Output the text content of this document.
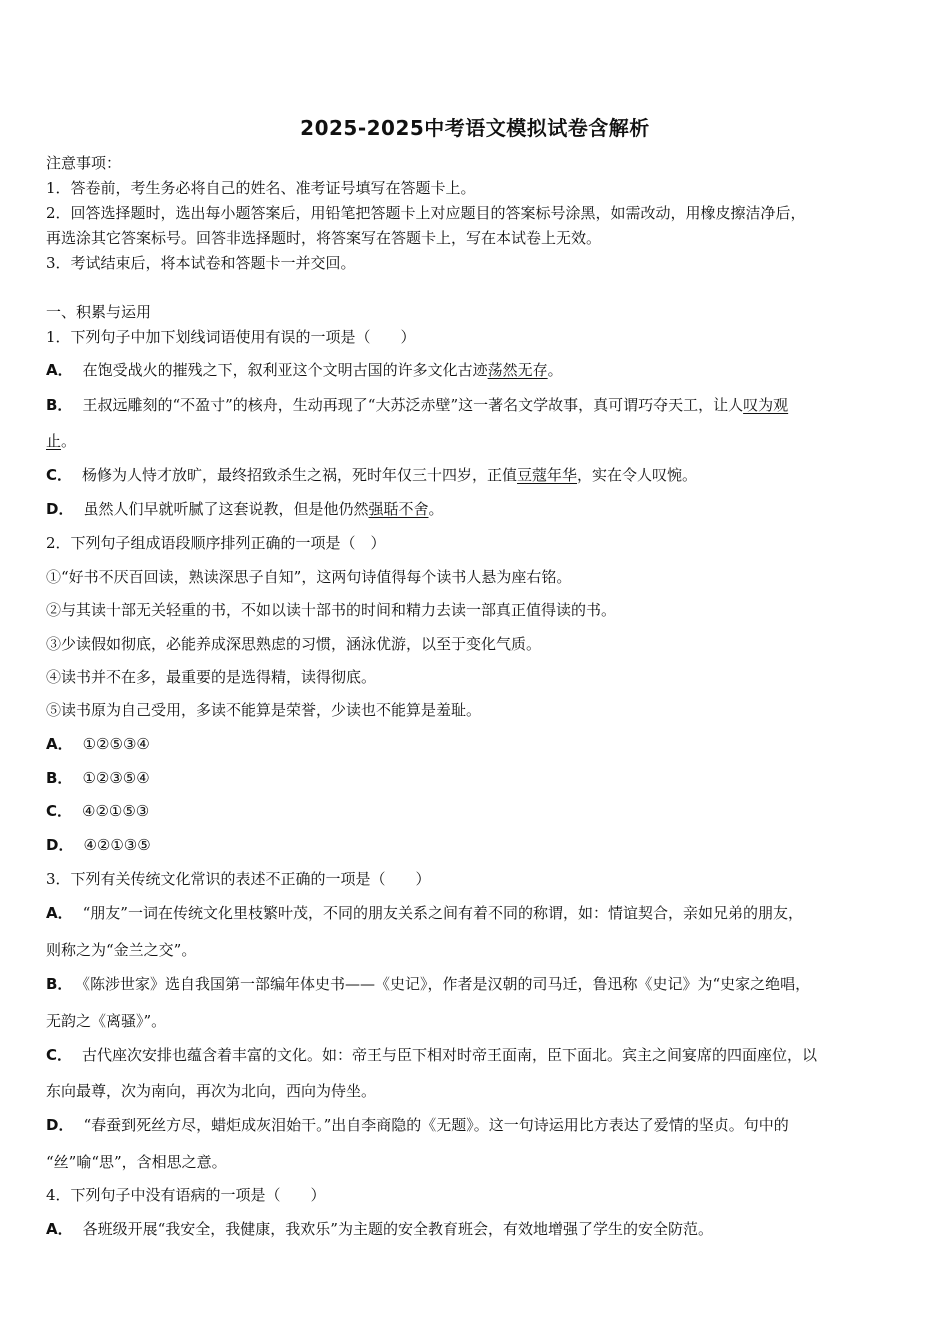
2025-2025中考语文模拟试卷含解析
注意事项：
1．答卷前，考生务必将自己的姓名、准考证号填写在答题卡上。
2．回答选择题时，选出每小题答案后，用铅笔把答题卡上对应题目的答案标号涂黑，如需改动，用橡皮擦洁净后，
再选涂其它答案标号。回答非选择题时，将答案写在答题卡上，写在本试卷上无效。
3．考试结束后，将本试卷和答题卡一并交回。
一、积累与运用
1．下列句子中加下划线词语使用有误的一项是（　　）
A． 在饱受战火的摧残之下，叙利亚这个文明古国的许多文化古迹荡然无存。
B． 王叔远雕刻的“不盈寸”的核舟，生动再现了“大苏泛赤壁”这一著名文学故事，真可谓巧夺天工，让人叹为观
止。
C． 杨修为人恃才放旷，最终招致杀生之祸，死时年仅三十四岁，正值豆蔻年华，实在令人叹惋。
D． 虽然人们早就听腻了这套说教，但是他仍然强聒不舍。
2．下列句子组成语段顺序排列正确的一项是（　）
①“好书不厌百回读，熟读深思子自知”，这两句诗值得每个读书人悬为座右铭。
②与其读十部无关轻重的书，不如以读十部书的时间和精力去读一部真正值得读的书。
③少读假如彻底，必能养成深思熟虑的习惯，涵泳优游，以至于变化气质。
④读书并不在多，最重要的是选得精，读得彻底。
⑤读书原为自己受用，多读不能算是荣誉，少读也不能算是羞耻。
A． ①②⑤③④
B． ①②③⑤④
C． ④②①⑤③
D． ④②①③⑤
3．下列有关传统文化常识的表述不正确的一项是（　　）
A． “朋友”一词在传统文化里枝繁叶茂，不同的朋友关系之间有着不同的称谓，如：情谊契合，亲如兄弟的朋友，
则称之为“金兰之交”。
B． 《陈涉世家》选自我国第一部编年体史书——《史记》，作者是汉朝的司马迁，鲁迅称《史记》为“史家之绝唱，
无韵之《离骚》”。
C． 古代座次安排也蕴含着丰富的文化。如：帝王与臣下相对时帝王面南，臣下面北。宾主之间宴席的四面座位，以
东向最尊，次为南向，再次为北向，西向为侍坐。
D． “春蚕到死丝方尽，蜡炬成灰泪始干。”出自李商隐的《无题》。这一句诗运用比方表达了爱情的坚贞。句中的
“丝”喻“思”，含相思之意。
4．下列句子中没有语病的一项是（　　）
A． 各班级开展“我安全，我健康，我欢乐”为主题的安全教育班会，有效地增强了学生的安全防范。
